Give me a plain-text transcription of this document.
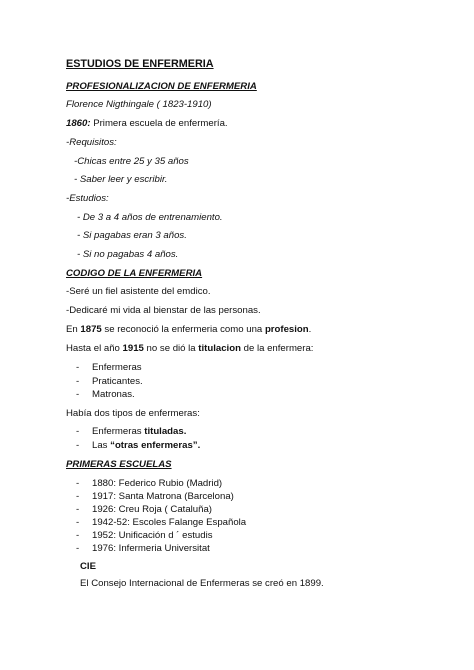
ESTUDIOS DE ENFERMERIA
PROFESIONALIZACION DE ENFERMERIA
Florence Nigthingale ( 1823-1910)
1860: Primera escuela de enfermería.
-Requisitos:
-Chicas entre 25 y 35 años
- Saber leer y escribir.
-Estudios:
- De 3 a 4 años de entrenamiento.
- Si pagabas eran 3 años.
- Si no pagabas 4 años.
CODIGO DE LA ENFERMERIA
-Seré un fiel asistente del emdico.
-Dedicaré mi vida al bienstar de las personas.
En 1875 se reconoció la enfermeria como una profesion.
Hasta el año 1915 no se dió la titulacion de la enfermera:
- Enfermeras
- Praticantes.
- Matronas.
Había dos tipos de enfermeras:
- Enfermeras tituladas.
- Las “otras enfermeras”.
PRIMERAS ESCUELAS
- 1880: Federico Rubio (Madrid)
- 1917: Santa Matrona (Barcelona)
- 1926: Creu Roja ( Cataluña)
- 1942-52: Escoles Falange Española
- 1952: Unificación d ´ estudis
- 1976: Infermeria Universitat
CIE
El Consejo Internacional de Enfermeras se creó en 1899.
